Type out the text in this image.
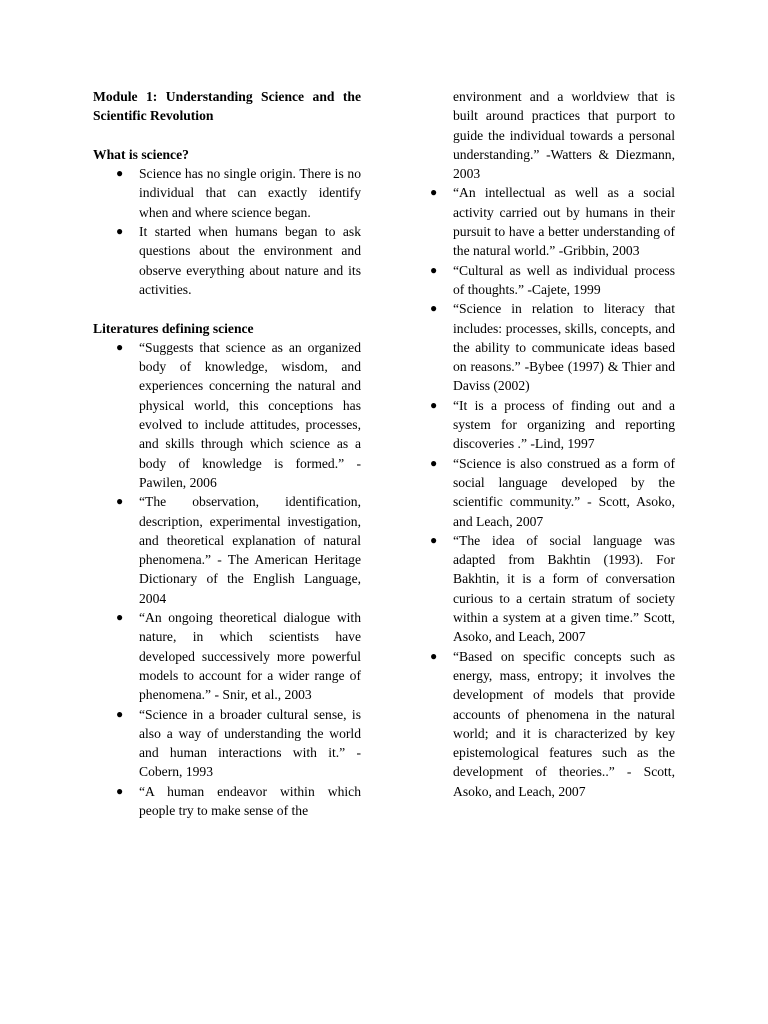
Module 1: Understanding Science and the Scientific Revolution

What is science?

● Science has no single origin. There is no individual that can exactly identify when and where science began.
● It started when humans began to ask questions about the environment and observe everything about nature and its activities.

Literatures defining science

● “Suggests that science as an organized body of knowledge, wisdom, and experiences concerning the natural and physical world, this conceptions has evolved to include attitudes, processes, and skills through which science as a body of knowledge is formed.” - Pawilen, 2006
● “The observation, identification, description, experimental investigation, and theoretical explanation of natural phenomena.” - The American Heritage Dictionary of the English Language, 2004
● “An ongoing theoretical dialogue with nature, in which scientists have developed successively more powerful models to account for a wider range of phenomena.” - Snir, et al., 2003
● “Science in a broader cultural sense, is also a way of understanding the world and human interactions with it.” -Cobern, 1993
● “A human endeavor within which people try to make sense of the
environment and a worldview that is built around practices that purport to guide the individual towards a personal understanding.” -Watters & Diezmann, 2003
● “An intellectual as well as a social activity carried out by humans in their pursuit to have a better understanding of the natural world.” -Gribbin, 2003
● “Cultural as well as individual process of thoughts.” -Cajete, 1999
● “Science in relation to literacy that includes: processes, skills, concepts, and the ability to communicate ideas based on reasons.” -Bybee (1997) & Thier and Daviss (2002)
● “It is a process of finding out and a system for organizing and reporting discoveries .” -Lind, 1997
● “Science is also construed as a form of social language developed by the scientific community.” - Scott, Asoko, and Leach, 2007
● “The idea of social language was adapted from Bakhtin (1993). For Bakhtin, it is a form of conversation curious to a certain stratum of society within a system at a given time.” Scott, Asoko, and Leach, 2007
● “Based on specific concepts such as energy, mass, entropy; it involves the development of models that provide accounts of phenomena in the natural world; and it is characterized by key epistemological features such as the development of theories..” - Scott, Asoko, and Leach, 2007
